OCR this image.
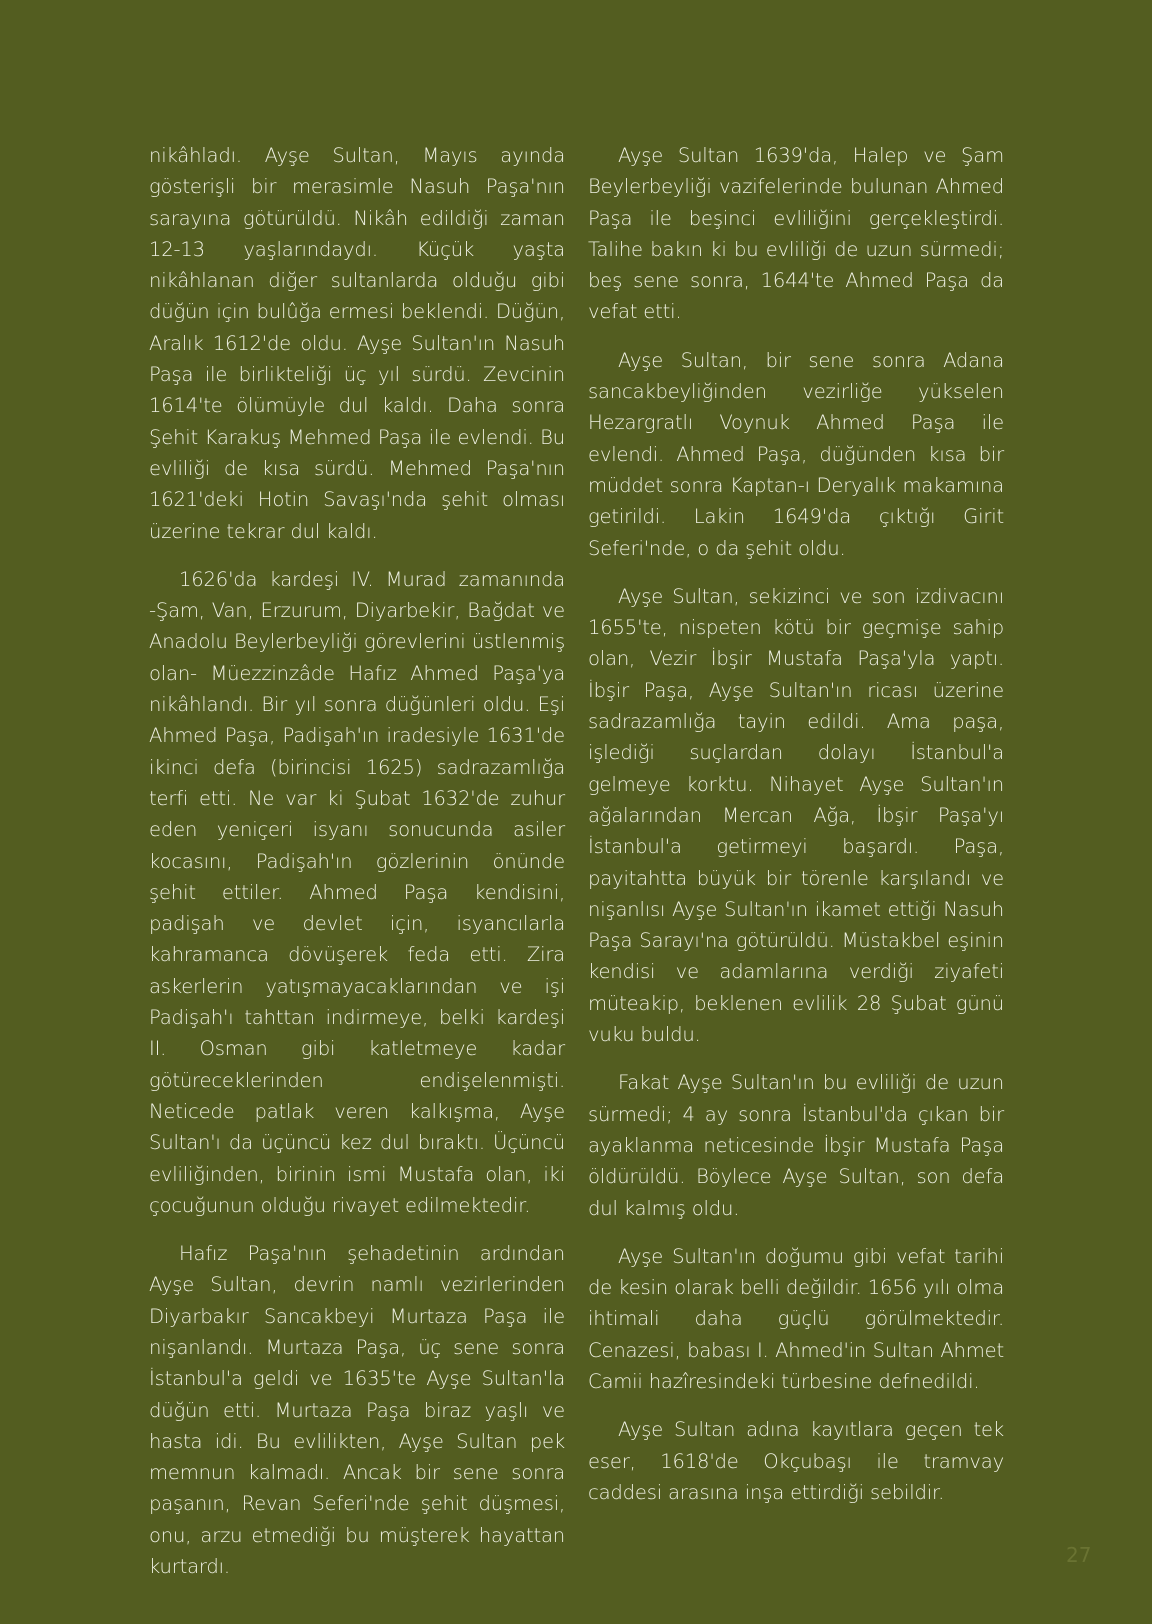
nikâhladı. Ayşe Sultan, Mayıs ayında gösterişli bir merasimle Nasuh Paşa'nın sarayına götürüldü. Nikâh edildiği zaman 12-13 yaşlarındaydı. Küçük yaşta nikâhlanan diğer sultanlarda olduğu gibi düğün için bulûğa ermesi beklendi. Düğün, Aralık 1612'de oldu. Ayşe Sultan'ın Nasuh Paşa ile birlikteliği üç yıl sürdü. Zevcinin 1614'te ölümüyle dul kaldı. Daha sonra Şehit Karakuş Mehmed Paşa ile evlendi. Bu evliliği de kısa sürdü. Mehmed Paşa'nın 1621'deki Hotin Savaşı'nda şehit olması üzerine tekrar dul kaldı.

1626'da kardeşi IV. Murad zamanında -Şam, Van, Erzurum, Diyarbekir, Bağdat ve Anadolu Beylerbeyliği görevlerini üstlenmiş olan- Müezzinzâde Hafız Ahmed Paşa'ya nikâhlandı. Bir yıl sonra düğünleri oldu. Eşi Ahmed Paşa, Padişah'ın iradesiyle 1631'de ikinci defa (birincisi 1625) sadrazamlığa terfi etti. Ne var ki Şubat 1632'de zuhur eden yeniçeri isyanı sonucunda asiler kocasını, Padişah'ın gözlerinin önünde şehit ettiler. Ahmed Paşa kendisini, padişah ve devlet için, isyancılarla kahramanca dövüşerek feda etti. Zira askerlerin yatışmayacaklarından ve işi Padişah'ı tahttan indirmeye, belki kardeşi II. Osman gibi katletmeye kadar götüreceklerinden endişelenmişti. Neticede patlak veren kalkışma, Ayşe Sultan'ı da üçüncü kez dul bıraktı. Üçüncü evliliğinden, birinin ismi Mustafa olan, iki çocuğunun olduğu rivayet edilmektedir.

Hafız Paşa'nın şehadetinin ardından Ayşe Sultan, devrin namlı vezirlerinden Diyarbakır Sancakbeyi Murtaza Paşa ile nişanlandı. Murtaza Paşa, üç sene sonra İstanbul'a geldi ve 1635'te Ayşe Sultan'la düğün etti. Murtaza Paşa biraz yaşlı ve hasta idi. Bu evlilikten, Ayşe Sultan pek memnun kalmadı. Ancak bir sene sonra paşanın, Revan Seferi'nde şehit düşmesi, onu, arzu etmediği bu müşterek hayattan kurtardı.

Ayşe Sultan 1639'da, Halep ve Şam Beylerbeyliği vazifelerinde bulunan Ahmed Paşa ile beşinci evliliğini gerçekleştirdi. Talihe bakın ki bu evliliği de uzun sürmedi; beş sene sonra, 1644'te Ahmed Paşa da vefat etti.

Ayşe Sultan, bir sene sonra Adana sancakbeyliğinden vezirliğe yükselen Hezargratlı Voynuk Ahmed Paşa ile evlendi. Ahmed Paşa, düğünden kısa bir müddet sonra Kaptan-ı Deryalık makamına getirildi. Lakin 1649'da çıktığı Girit Seferi'nde, o da şehit oldu.

Ayşe Sultan, sekizinci ve son izdivacını 1655'te, nispeten kötü bir geçmişe sahip olan, Vezir İbşir Mustafa Paşa'yla yaptı. İbşir Paşa, Ayşe Sultan'ın ricası üzerine sadrazamlığa tayin edildi. Ama paşa, işlediği suçlardan dolayı İstanbul'a gelmeye korktu. Nihayet Ayşe Sultan'ın ağalarından Mercan Ağa, İbşir Paşa'yı İstanbul'a getirmeyi başardı. Paşa, payitahtta büyük bir törenle karşılandı ve nişanlısı Ayşe Sultan'ın ikamet ettiği Nasuh Paşa Sarayı'na götürüldü. Müstakbel eşinin kendisi ve adamlarına verdiği ziyafeti müteakip, beklenen evlilik 28 Şubat günü vuku buldu.

Fakat Ayşe Sultan'ın bu evliliği de uzun sürmedi; 4 ay sonra İstanbul'da çıkan bir ayaklanma neticesinde İbşir Mustafa Paşa öldürüldü. Böylece Ayşe Sultan, son defa dul kalmış oldu.

Ayşe Sultan'ın doğumu gibi vefat tarihi de kesin olarak belli değildir. 1656 yılı olma ihtimali daha güçlü görülmektedir. Cenazesi, babası I. Ahmed'in Sultan Ahmet Camii hazîresindeki türbesine defnedildi.

Ayşe Sultan adına kayıtlara geçen tek eser, 1618'de Okçubaşı ile tramvay caddesi arasına inşa ettirdiği sebildir.

27
